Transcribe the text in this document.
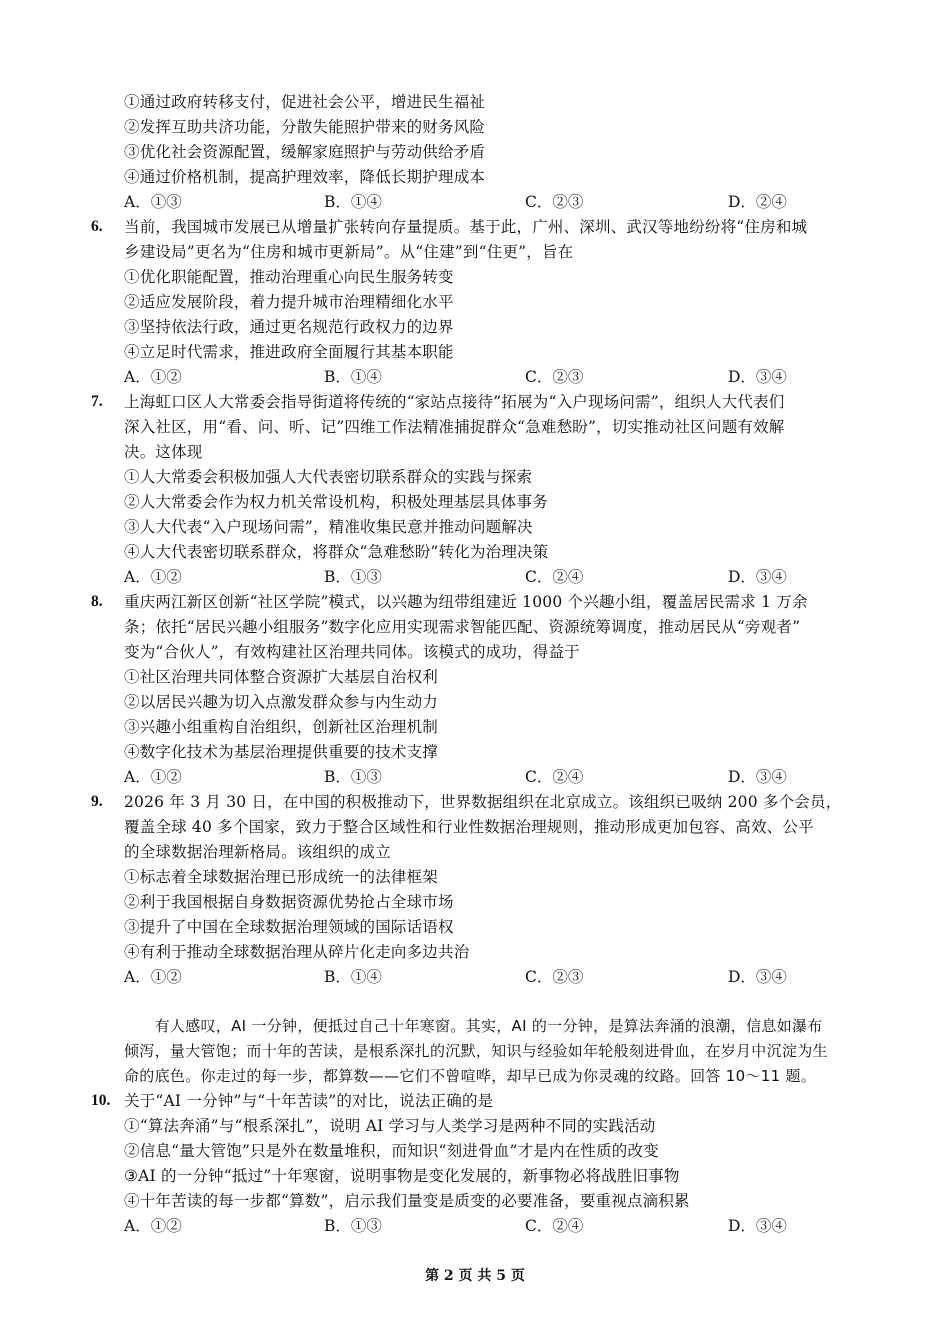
①通过政府转移支付，促进社会公平，增进民生福祉
②发挥互助共济功能，分散失能照护带来的财务风险
③优化社会资源配置，缓解家庭照护与劳动供给矛盾
④通过价格机制，提高护理效率，降低长期护理成本
A．①③	B．①④	C．②③	D．②④
6. 当前，我国城市发展已从增量扩张转向存量提质。基于此，广州、深圳、武汉等地纷纷将“住房和城
乡建设局”更名为“住房和城市更新局”。从“住建”到“住更”，旨在
①优化职能配置，推动治理重心向民生服务转变
②适应发展阶段，着力提升城市治理精细化水平
③坚持依法行政，通过更名规范行政权力的边界
④立足时代需求，推进政府全面履行其基本职能
A．①②	B．①④	C．②③	D．③④
7. 上海虹口区人大常委会指导街道将传统的“家站点接待”拓展为“入户现场问需”，组织人大代表们
深入社区，用“看、问、听、记”四维工作法精准捕捉群众“急难愁盼”，切实推动社区问题有效解
决。这体现
①人大常委会积极加强人大代表密切联系群众的实践与探索
②人大常委会作为权力机关常设机构，积极处理基层具体事务
③人大代表“入户现场问需”，精准收集民意并推动问题解决
④人大代表密切联系群众，将群众“急难愁盼”转化为治理决策
A．①②	B．①③	C．②④	D．③④
8. 重庆两江新区创新“社区学院”模式，以兴趣为纽带组建近 1000 个兴趣小组，覆盖居民需求 1 万余
条；依托“居民兴趣小组服务”数字化应用实现需求智能匹配、资源统筹调度，推动居民从“旁观者”
变为“合伙人”，有效构建社区治理共同体。该模式的成功，得益于
①社区治理共同体整合资源扩大基层自治权利
②以居民兴趣为切入点激发群众参与内生动力
③兴趣小组重构自治组织，创新社区治理机制
④数字化技术为基层治理提供重要的技术支撑
A．①②	B．①③	C．②④	D．③④
9. 2026 年 3 月 30 日，在中国的积极推动下，世界数据组织在北京成立。该组织已吸纳 200 多个会员，
覆盖全球 40 多个国家，致力于整合区域性和行业性数据治理规则，推动形成更加包容、高效、公平
的全球数据治理新格局。该组织的成立
①标志着全球数据治理已形成统一的法律框架
②利于我国根据自身数据资源优势抢占全球市场
③提升了中国在全球数据治理领域的国际话语权
④有利于推动全球数据治理从碎片化走向多边共治
A．①②	B．①④	C．②③	D．③④
　　有人感叹，AI 一分钟，便抵过自己十年寒窗。其实，AI 的一分钟，是算法奔涌的浪潮，信息如瀑布
倾泻，量大管饱；而十年的苦读，是根系深扎的沉默，知识与经验如年轮般刻进骨血，在岁月中沉淀为生
命的底色。你走过的每一步，都算数——它们不曾喧哗，却早已成为你灵魂的纹路。回答 10～11 题。
10. 关于“AI 一分钟”与“十年苦读”的对比，说法正确的是
①“算法奔涌”与“根系深扎”，说明 AI 学习与人类学习是两种不同的实践活动
②信息“量大管饱”只是外在数量堆积，而知识“刻进骨血”才是内在性质的改变
③AI 的一分钟“抵过”十年寒窗，说明事物是变化发展的，新事物必将战胜旧事物
④十年苦读的每一步都“算数”，启示我们量变是质变的必要准备，要重视点滴积累
A．①②	B．①③	C．②④	D．③④
第 2 页 共 5 页
